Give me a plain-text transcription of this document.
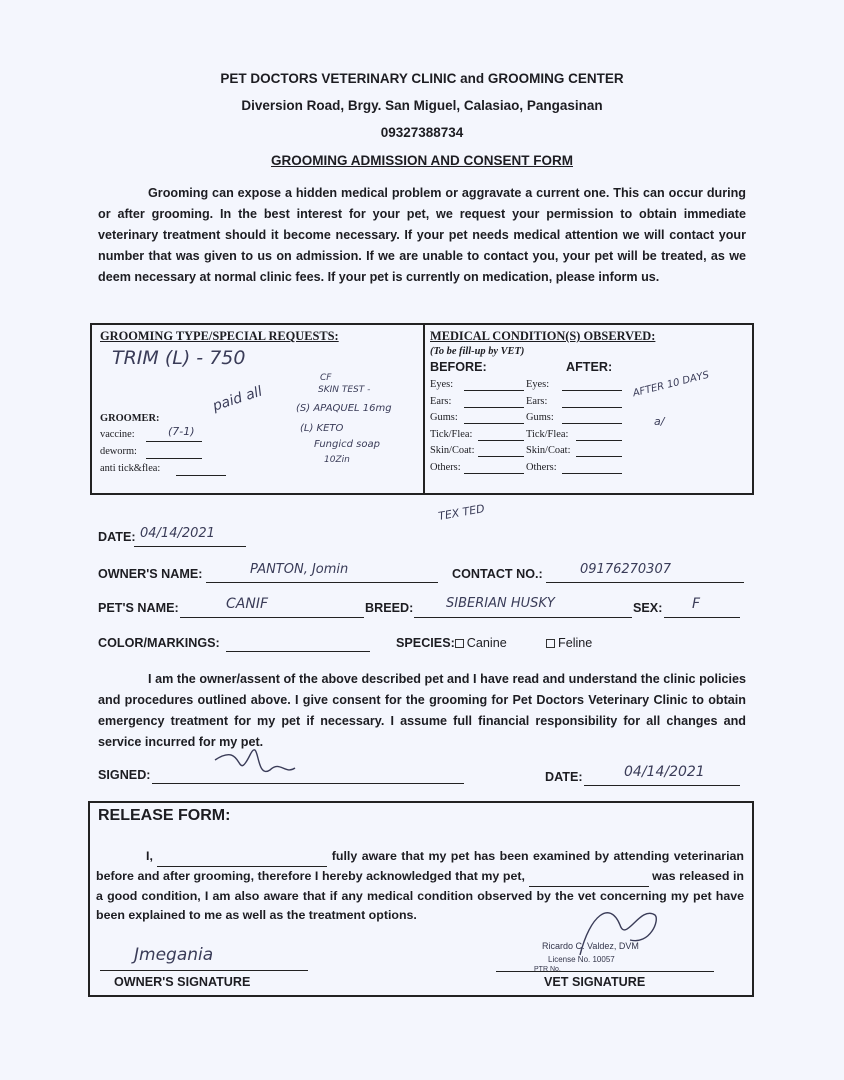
PET DOCTORS VETERINARY CLINIC and GROOMING CENTER
Diversion Road, Brgy. San Miguel, Calasiao, Pangasinan
09327388734
GROOMING ADMISSION AND CONSENT FORM
Grooming can expose a hidden medical problem or aggravate a current one. This can occur during or after grooming. In the best interest for your pet, we request your permission to obtain immediate veterinary treatment should it become necessary. If your pet needs medical attention we will contact your number that was given to us on admission. If we are unable to contact you, your pet will be treated, as we deem necessary at normal clinic fees. If your pet is currently on medication, please inform us.
GROOMING TYPE/SPECIAL REQUESTS:
TRIM (L) - 750
paid all
CF
SKIN TEST -
(S) APAQUEL 16mg
(L) KETO
Fungicd soap
10Zin
GROOMER:
vaccine:	(7-1)
deworm:
anti tick&flea:
MEDICAL CONDITION(S) OBSERVED:
(To be fill-up by VET)
BEFORE:	AFTER:
Eyes:	Eyes:
Ears:	Ears:
Gums:	Gums:
Tick/Flea:	Tick/Flea:
Skin/Coat:	Skin/Coat:
Others:	Others:
AFTER 10 DAYS
a/
TEX TED
DATE: 04/14/2021
OWNER'S NAME:	PANTON, Jomin	CONTACT NO.:	09176270307
PET'S NAME:	CANIF	BREED:	SIBERIAN HUSKY	SEX: F
COLOR/MARKINGS:	SPECIES: Canine	Feline
I am the owner/assent of the above described pet and I have read and understand the clinic policies and procedures outlined above. I give consent for the grooming for Pet Doctors Veterinary Clinic to obtain emergency treatment for my pet if necessary. I assume full financial responsibility for all changes and service incurred for my pet.
SIGNED:	DATE:	04/14/2021
RELEASE FORM:
I,	fully aware that my pet has been examined by attending veterinarian before and after grooming, therefore I hereby acknowledged that my pet,	was released in a good condition, I am also aware that if any medical condition observed by the vet concerning my pet have been explained to me as well as the treatment options.
Jmegania
OWNER'S SIGNATURE
Ricardo C. Valdez, DVM
License No. 10057
PTR No.
VET SIGNATURE
